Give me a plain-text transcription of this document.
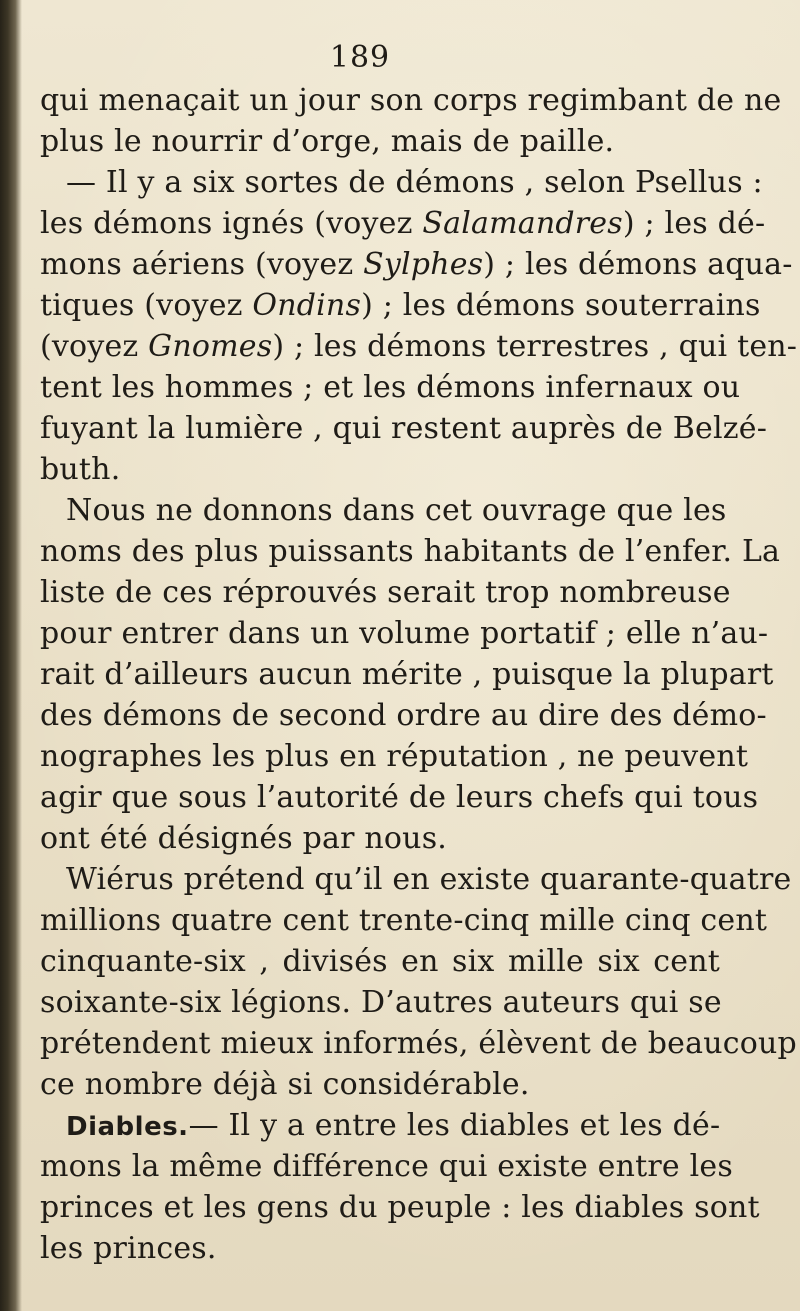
189
qui menaçait un jour son corps regimbant de ne
plus le nourrir d’orge, mais de paille.
— Il y a six sortes de démons , selon Psellus :
les démons ignés (voyez Salamandres) ; les dé-
mons aériens (voyez Sylphes) ; les démons aqua-
tiques (voyez Ondins) ; les démons souterrains
(voyez Gnomes) ; les démons terrestres , qui ten-
tent les hommes ; et les démons infernaux ou
fuyant la lumière , qui restent auprès de Belzé-
buth.
Nous ne donnons dans cet ouvrage que les
noms des plus puissants habitants de l’enfer. La
liste de ces réprouvés serait trop nombreuse
pour entrer dans un volume portatif ; elle n’au-
rait d’ailleurs aucun mérite , puisque la plupart
des démons de second ordre au dire des démo-
nographes les plus en réputation , ne peuvent
agir que sous l’autorité de leurs chefs qui tous
ont été désignés par nous.
Wiérus prétend qu’il en existe quarante-quatre
millions quatre cent trente-cinq mille cinq cent
cinquante-six , divisés en six mille six cent
soixante-six légions. D’autres auteurs qui se
prétendent mieux informés, élèvent de beaucoup
ce nombre déjà si considérable.
Diables.— Il y a entre les diables et les dé-
mons la même différence qui existe entre les
princes et les gens du peuple : les diables sont
les princes.
